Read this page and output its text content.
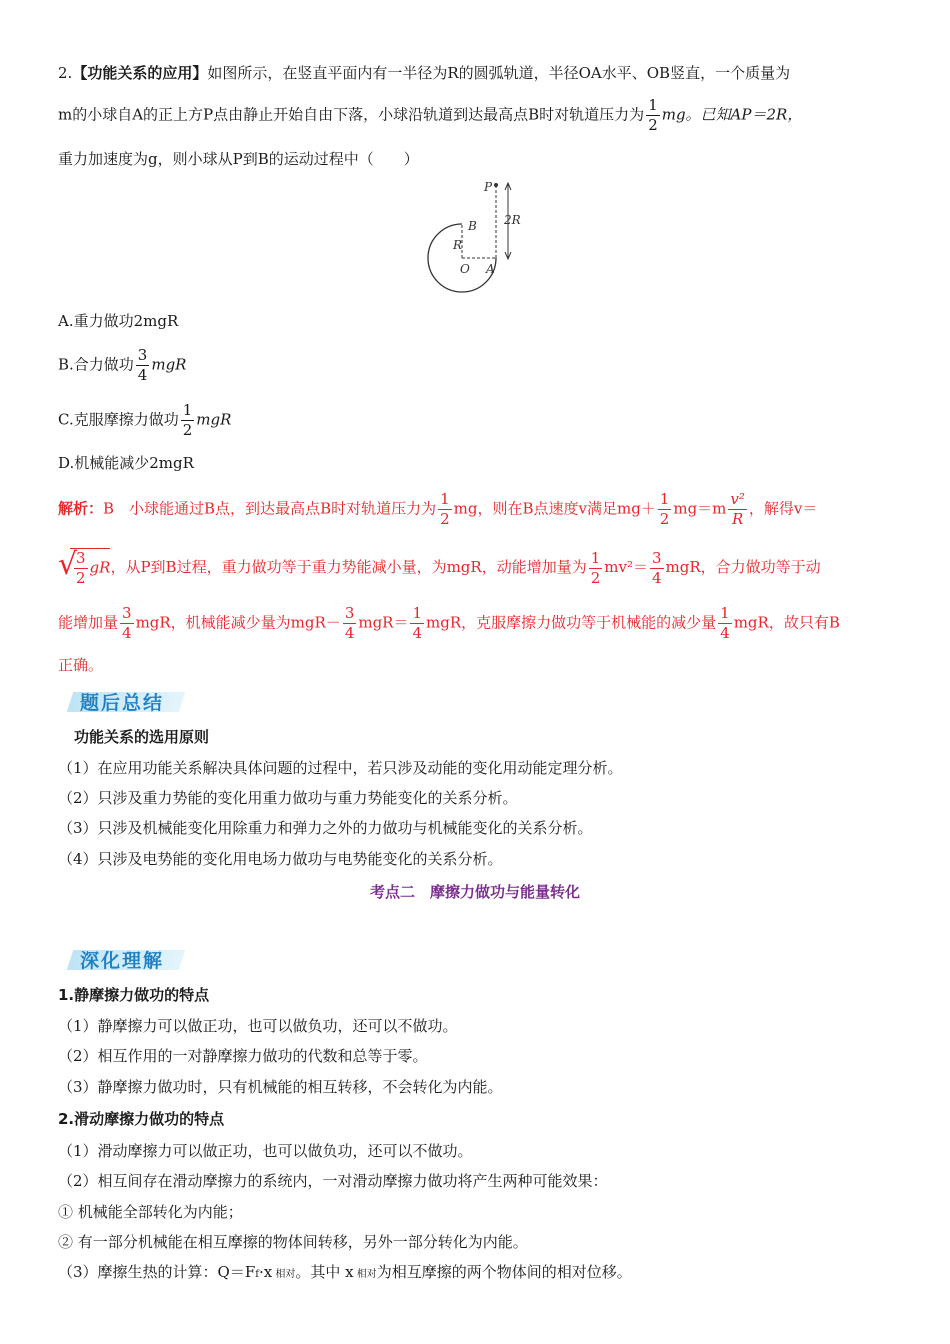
2.【功能关系的应用】如图所示，在竖直平面内有一半径为R的圆弧轨道，半径OA水平、OB竖直，一个质量为
m的小球自A的正上方P点由静止开始自由下落，小球沿轨道到达最高点B时对轨道压力为 $\frac{1}{2}$ mg。已知AP＝2R，
重力加速度为g，则小球从P到B的运动过程中（　　）
P
B
R
2R
O A
A.重力做功2mgR
B.合力做功 $\frac{3}{4}$ mgR
C.克服摩擦力做功 $\frac{1}{2}$ mgR
D.机械能减少2mgR
解析：B　小球能通过B点，到达最高点B时对轨道压力为 $\frac{1}{2}$ mg，则在B点速度v满足$mg+ \frac{1}{2} mg=m \frac{\text{v²}}{R}$ ，解得v＝
√
$\frac{3}{2}$ gR，从P到B过程，重力做功等于重力势能减小量，为mgR，动能增加量为 $\frac{1}{2} mv^2= \frac{3}{4}$ mgR，合力做功等于动
能增加量 $\frac{3}{4}$ mgR，机械能减少量为$mgR- \frac{3}{4} mgR= \frac{1}{4}$ mgR，克服摩擦力做功等于机械能的减少量 $\frac{1}{4}$ mgR，故只有B
正确。
题后总结
功能关系的选用原则
（1）在应用功能关系解决具体问题的过程中，若只涉及动能的变化用动能定理分析。
（2）只涉及重力势能的变化用重力做功与重力势能变化的关系分析。
（3）只涉及机械能变化用除重力和弹力之外的力做功与机械能变化的关系分析。
（4）只涉及电势能的变化用电场力做功与电势能变化的关系分析。
考点二　摩擦力做功与能量转化
深化理解
1.静摩擦力做功的特点
（1）静摩擦力可以做正功，也可以做负功，还可以不做功。
（2）相互作用的一对静摩擦力做功的代数和总等于零。
（3）静摩擦力做功时，只有机械能的相互转移，不会转化为内能。
2.滑动摩擦力做功的特点
（1）滑动摩擦力可以做正功，也可以做负功，还可以不做功。
（2）相互间存在滑动摩擦力的系统内，一对滑动摩擦力做功将产生两种可能效果：
① 机械能全部转化为内能；
② 有一部分机械能在相互摩擦的物体间转移，另外一部分转化为内能。
（3）摩擦生热的计算：Q＝Ff·x 相对。其中 x 相对为相互摩擦的两个物体间的相对位移。
